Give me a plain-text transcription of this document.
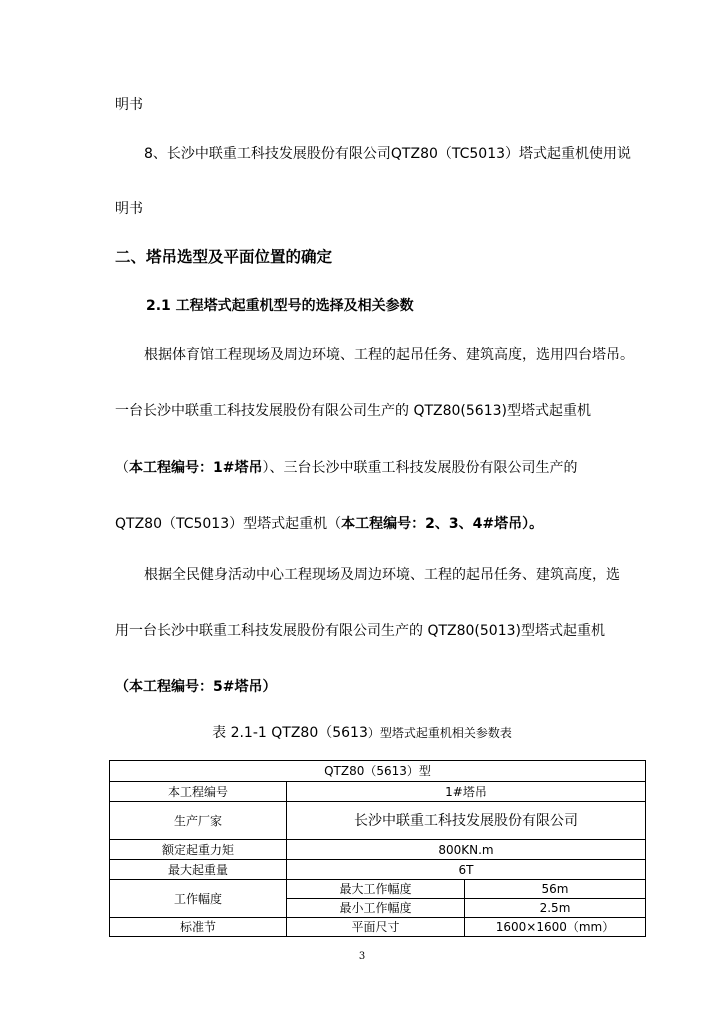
明书
8、长沙中联重工科技发展股份有限公司QTZ80（TC5013）塔式起重机使用说
明书
二、塔吊选型及平面位置的确定
2.1 工程塔式起重机型号的选择及相关参数
根据体育馆工程现场及周边环境、工程的起吊任务、建筑高度，选用四台塔吊。
一台长沙中联重工科技发展股份有限公司生产的 QTZ80(5613)型塔式起重机
（本工程编号：1#塔吊）、三台长沙中联重工科技发展股份有限公司生产的
QTZ80（TC5013）型塔式起重机（本工程编号：2、3、4#塔吊）。
根据全民健身活动中心工程现场及周边环境、工程的起吊任务、建筑高度，选
用一台长沙中联重工科技发展股份有限公司生产的 QTZ80(5013)型塔式起重机
（本工程编号：5#塔吊）
表 2.1-1 QTZ80（5613）型塔式起重机相关参数表
QTZ80（5613）型		
本工程编号	1#塔吊	
生产厂家	长沙中联重工科技发展股份有限公司	
额定起重力矩	800KN.m	
最大起重量	6T	
工作幅度	最大工作幅度	56m
	最小工作幅度	2.5m
标准节	平面尺寸	1600×1600（mm）
3
